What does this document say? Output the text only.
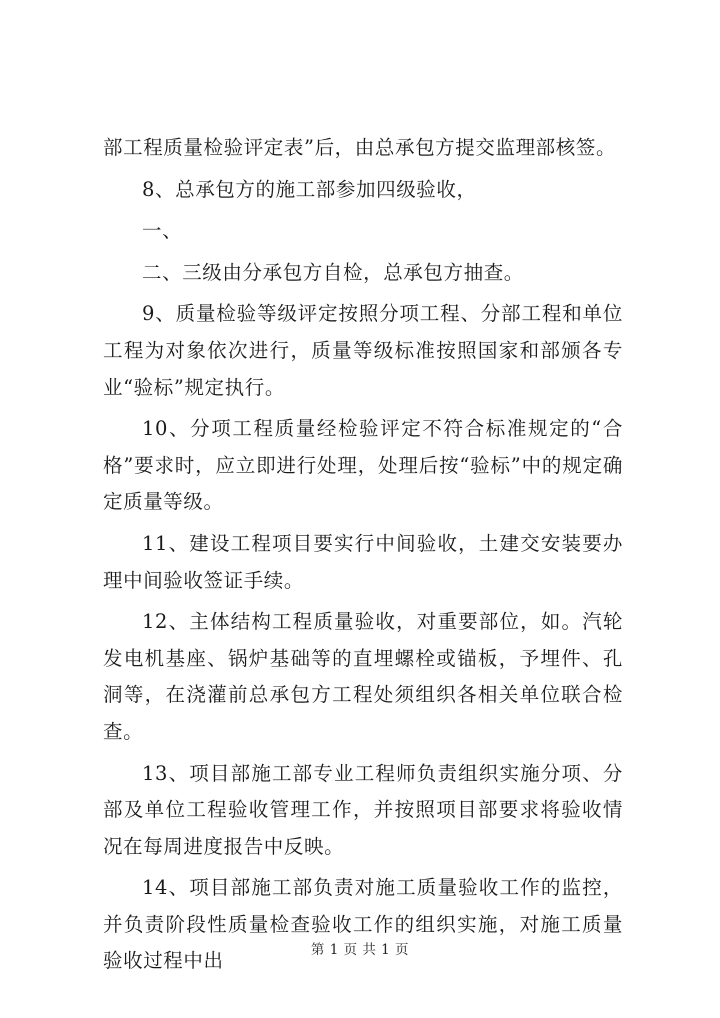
部工程质量检验评定表”后，由总承包方提交监理部核签。

8、总承包方的施工部参加四级验收，

一、

二、三级由分承包方自检，总承包方抽查。

9、质量检验等级评定按照分项工程、分部工程和单位工程为对象依次进行，质量等级标准按照国家和部颁各专业“验标”规定执行。

10、分项工程质量经检验评定不符合标准规定的“合格”要求时，应立即进行处理，处理后按“验标”中的规定确定质量等级。

11、建设工程项目要实行中间验收，土建交安装要办理中间验收签证手续。

12、主体结构工程质量验收，对重要部位，如。汽轮发电机基座、锅炉基础等的直埋螺栓或锚板，予埋件、孔洞等，在浇灌前总承包方工程处须组织各相关单位联合检查。

13、项目部施工部专业工程师负责组织实施分项、分部及单位工程验收管理工作，并按照项目部要求将验收情况在每周进度报告中反映。

14、项目部施工部负责对施工质量验收工作的监控，并负责阶段性质量检查验收工作的组织实施，对施工质量验收过程中出	第 1 页 共 1 页
